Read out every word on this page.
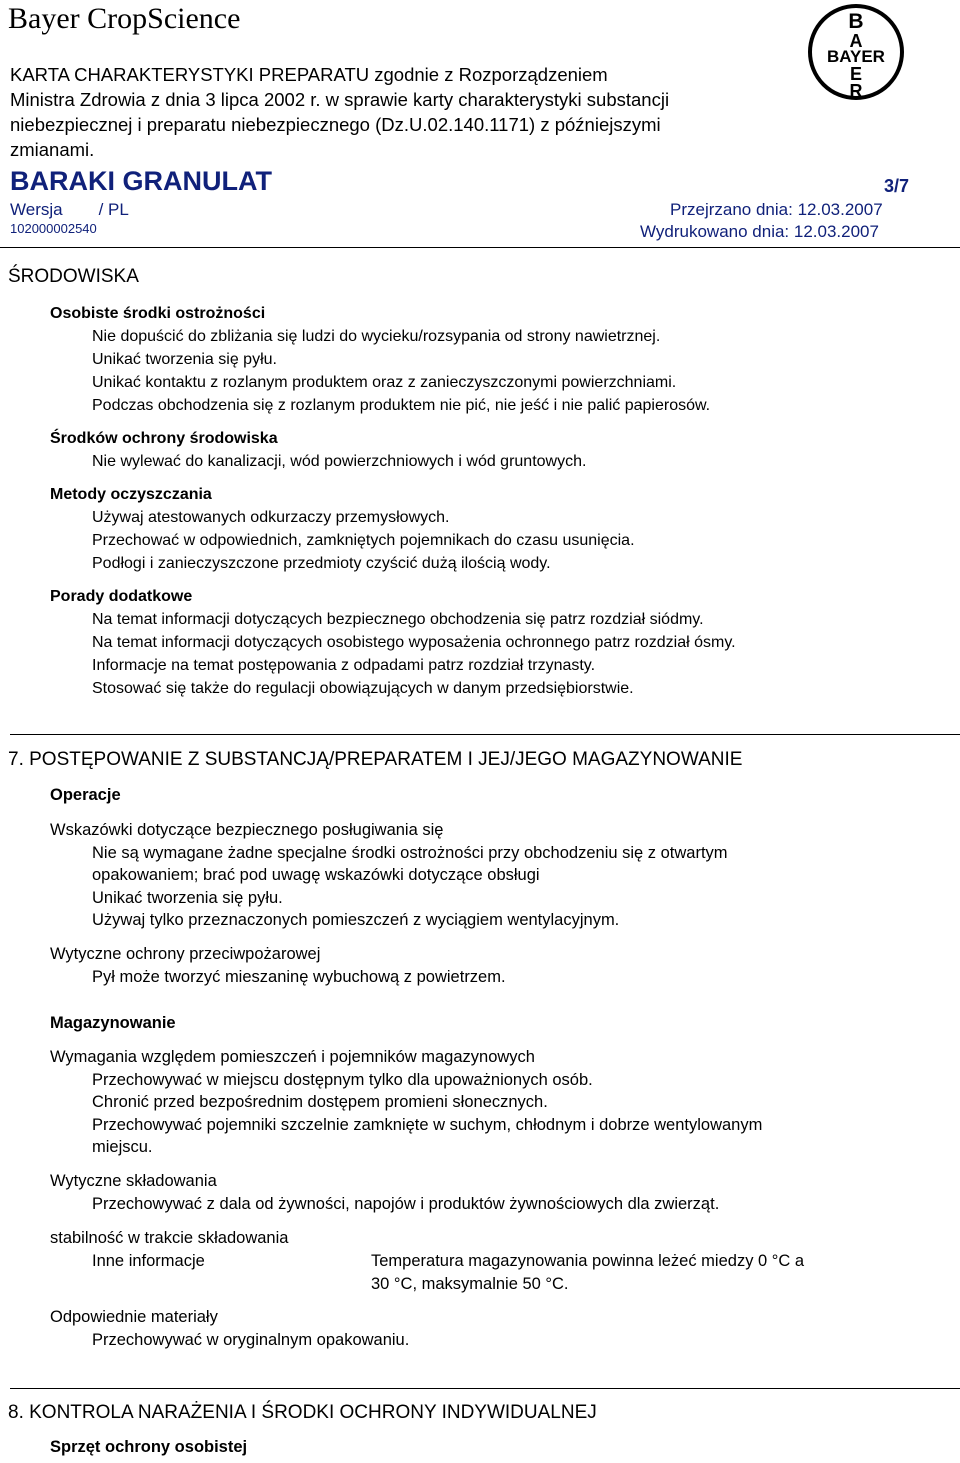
Bayer CropScience
KARTA CHARAKTERYSTYKI PREPARATU zgodnie z Rozporządzeniem
Ministra Zdrowia z dnia 3 lipca 2002 r. w sprawie karty charakterystyki substancji
niebezpiecznej i preparatu niebezpiecznego (Dz.U.02.140.1171) z późniejszymi
zmianami.
B
A
BAYER
E
R
BARAKI GRANULAT	3/7
Wersja / PL	Przejrzano dnia: 12.03.2007
102000002540	Wydrukowano dnia: 12.03.2007
ŚRODOWISKA
Osobiste środki ostrożności
Nie dopuścić do zbliżania się ludzi do wycieku/rozsypania od strony nawietrznej.
Unikać tworzenia się pyłu.
Unikać kontaktu z rozlanym produktem oraz z zanieczyszczonymi powierzchniami.
Podczas obchodzenia się z rozlanym produktem nie pić, nie jeść i nie palić papierosów.
Środków ochrony środowiska
Nie wylewać do kanalizacji, wód powierzchniowych i wód gruntowych.
Metody oczyszczania
Używaj atestowanych odkurzaczy przemysłowych.
Przechować w odpowiednich, zamkniętych pojemnikach do czasu usunięcia.
Podłogi i zanieczyszczone przedmioty czyścić dużą ilością wody.
Porady dodatkowe
Na temat informacji dotyczących bezpiecznego obchodzenia się patrz rozdział siódmy.
Na temat informacji dotyczących osobistego wyposażenia ochronnego patrz rozdział ósmy.
Informacje na temat postępowania z odpadami patrz rozdział trzynasty.
Stosować się także do regulacji obowiązujących w danym przedsiębiorstwie.
7. POSTĘPOWANIE Z SUBSTANCJĄ/PREPARATEM I JEJ/JEGO MAGAZYNOWANIE
Operacje
Wskazówki dotyczące bezpiecznego posługiwania się
Nie są wymagane żadne specjalne środki ostrożności przy obchodzeniu się z otwartym
opakowaniem; brać pod uwagę wskazówki dotyczące obsługi
Unikać tworzenia się pyłu.
Używaj tylko przeznaczonych pomieszczeń z wyciągiem wentylacyjnym.
Wytyczne ochrony przeciwpożarowej
Pył może tworzyć mieszaninę wybuchową z powietrzem.
Magazynowanie
Wymagania względem pomieszczeń i pojemników magazynowych
Przechowywać w miejscu dostępnym tylko dla upoważnionych osób.
Chronić przed bezpośrednim dostępem promieni słonecznych.
Przechowywać pojemniki szczelnie zamknięte w suchym, chłodnym i dobrze wentylowanym
miejscu.
Wytyczne składowania
Przechowywać z dala od żywności, napojów i produktów żywnościowych dla zwierząt.
stabilność w trakcie składowania
Inne informacje	Temperatura magazynowania powinna leżeć miedzy 0 °C a
30 °C, maksymalnie 50 °C.
Odpowiednie materiały
Przechowywać w oryginalnym opakowaniu.
8. KONTROLA NARAŻENIA I ŚRODKI OCHRONY INDYWIDUALNEJ
Sprzęt ochrony osobistej
